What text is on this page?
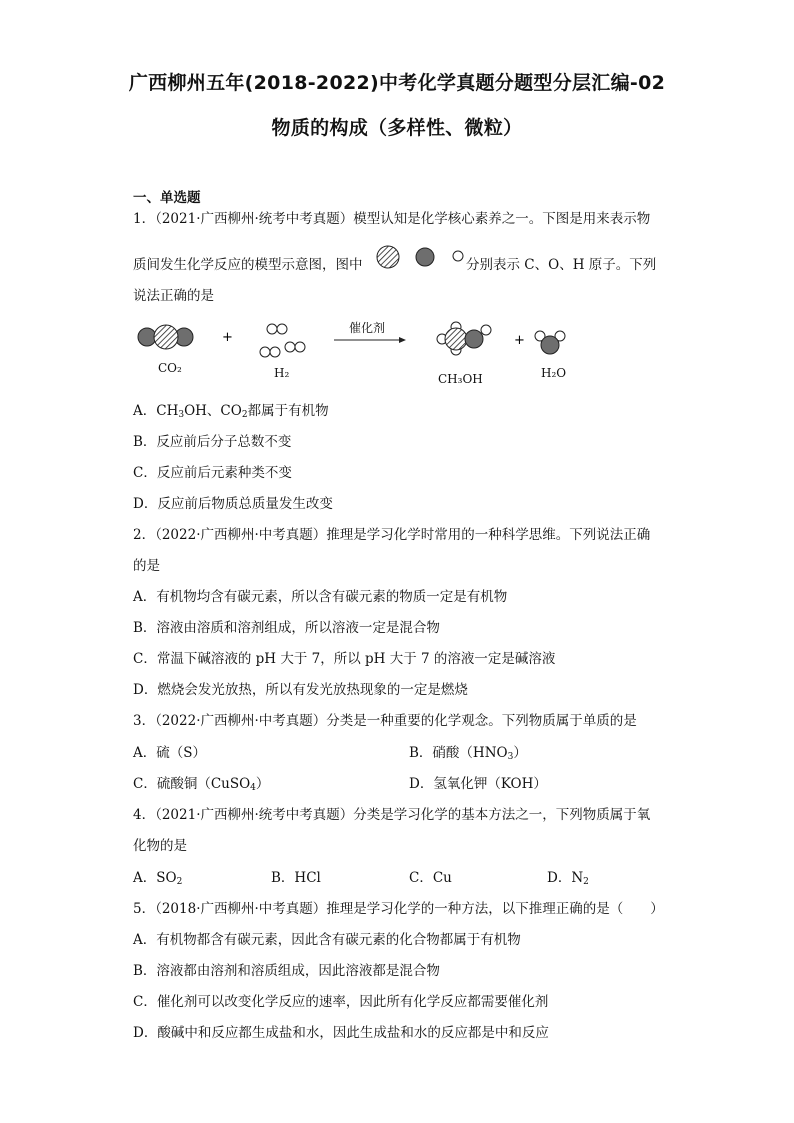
广西柳州五年(2018-2022)中考化学真题分题型分层汇编-02
物质的构成（多样性、微粒）
一、单选题
1．（2021·广西柳州·统考中考真题）模型认知是化学核心素养之一。下图是用来表示物
质间发生化学反应的模型示意图，图中	分别表示 C、O、H 原子。下列
说法正确的是
+	+
催化剂
CO₂	H₂	CH₃OH	H₂O
A．$CH_3OH$、$CO_2$都属于有机物
B．反应前后分子总数不变
C．反应前后元素种类不变
D．反应前后物质总质量发生改变
2．（2022·广西柳州·中考真题）推理是学习化学时常用的一种科学思维。下列说法正确
的是
A．有机物均含有碳元素，所以含有碳元素的物质一定是有机物
B．溶液由溶质和溶剂组成，所以溶液一定是混合物
C．常温下碱溶液的 pH 大于 7，所以 pH 大于 7 的溶液一定是碱溶液
D．燃烧会发光放热，所以有发光放热现象的一定是燃烧
3．（2022·广西柳州·中考真题）分类是一种重要的化学观念。下列物质属于单质的是
A．硫（S）	B．硝酸$(HNO_3)$
C．硫酸铜（CuSO$_4$）	D．氢氧化钾（KOH）
4．（2021·广西柳州·统考中考真题）分类是学习化学的基本方法之一，下列物质属于氧
化物的是
A．$SO_2$	B．HCl	C．Cu	D．$N_2$
5．（2018·广西柳州·中考真题）推理是学习化学的一种方法，以下推理正确的是（　　）
A．有机物都含有碳元素，因此含有碳元素的化合物都属于有机物
B．溶液都由溶剂和溶质组成，因此溶液都是混合物
C．催化剂可以改变化学反应的速率，因此所有化学反应都需要催化剂
D．酸碱中和反应都生成盐和水，因此生成盐和水的反应都是中和反应
